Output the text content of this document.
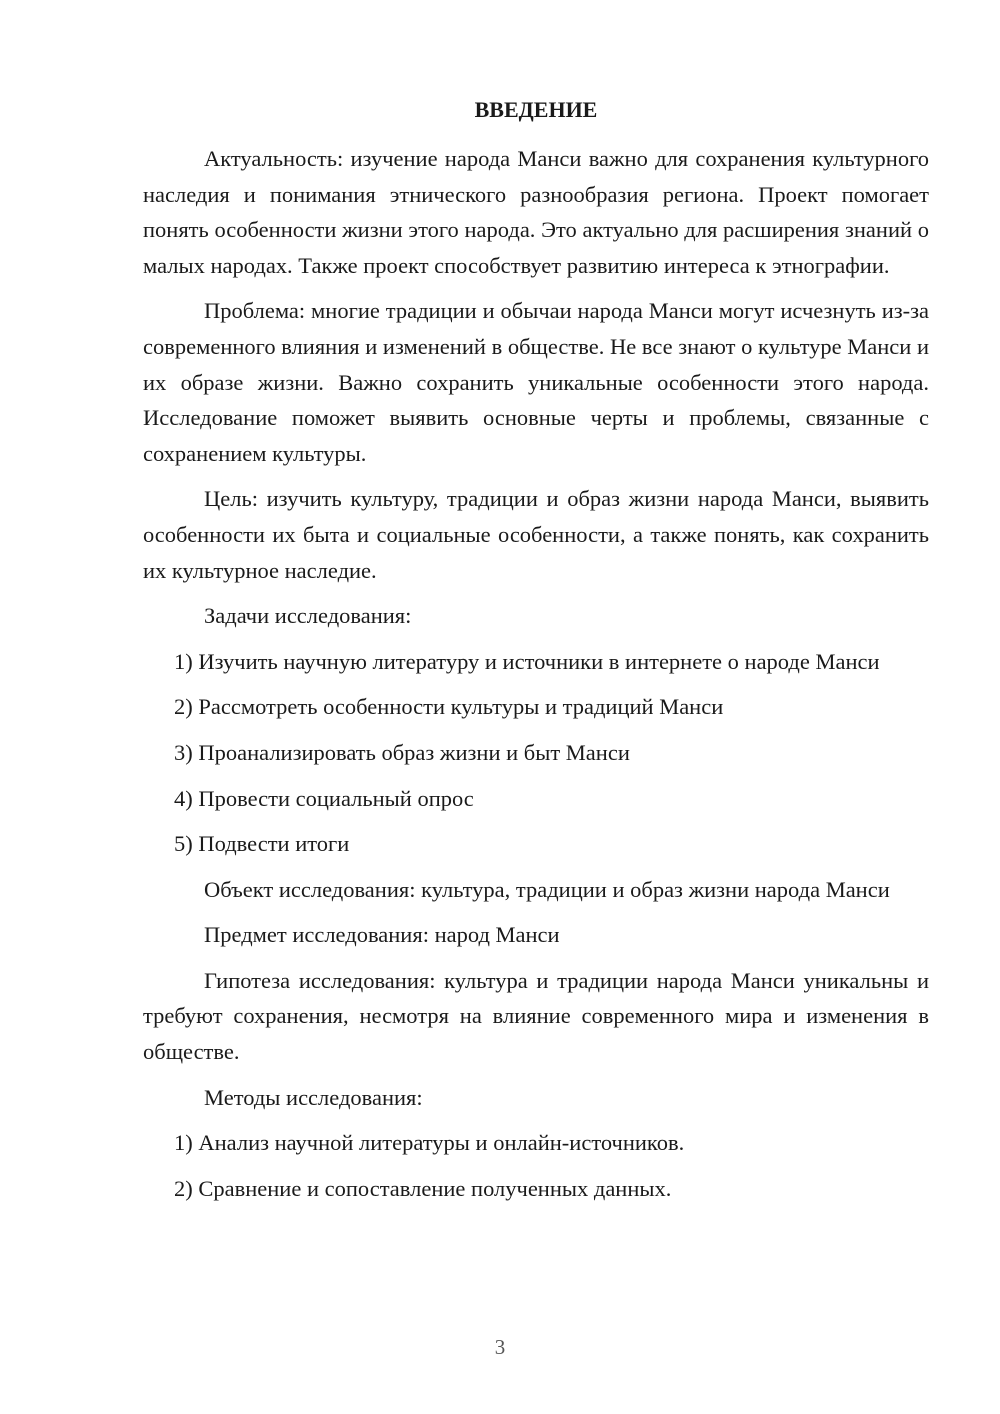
ВВЕДЕНИЕ

Актуальность: изучение народа Манси важно для сохранения культурного наследия и понимания этнического разнообразия региона. Проект помогает понять особенности жизни этого народа. Это актуально для расширения знаний о малых народах. Также проект способствует развитию интереса к этнографии.

Проблема: многие традиции и обычаи народа Манси могут исчезнуть из-за современного влияния и изменений в обществе. Не все знают о культуре Манси и их образе жизни. Важно сохранить уникальные особенности этого народа. Исследование поможет выявить основные черты и проблемы, связанные с сохранением культуры.

Цель: изучить культуру, традиции и образ жизни народа Манси, выявить особенности их быта и социальные особенности, а также понять, как сохранить их культурное наследие.

Задачи исследования:

1) Изучить научную литературу и источники в интернете о народе Манси

2) Рассмотреть особенности культуры и традиций Манси

3) Проанализировать образ жизни и быт Манси

4) Провести социальный опрос

5) Подвести итоги

Объект исследования: культура, традиции и образ жизни народа Манси

Предмет исследования: народ Манси

Гипотеза исследования: культура и традиции народа Манси уникальны и требуют сохранения, несмотря на влияние современного мира и изменения в обществе.

Методы исследования:

1) Анализ научной литературы и онлайн-источников.

2) Сравнение и сопоставление полученных данных.

3
